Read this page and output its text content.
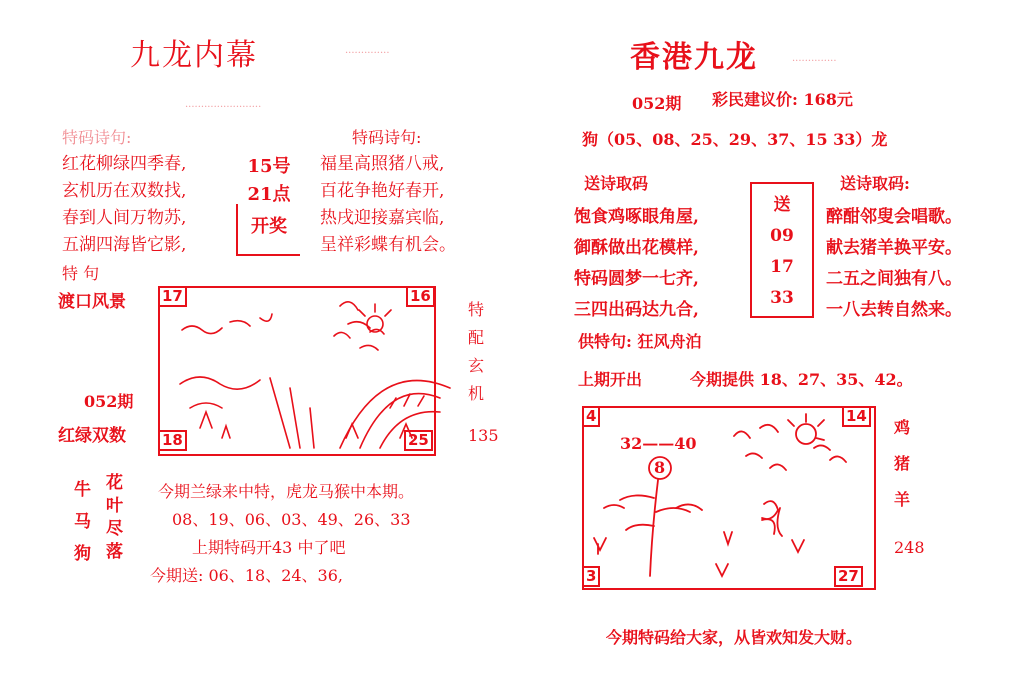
九龙内幕	··············
························
特码诗句:	特码诗句:
红花柳绿四季春,
玄机历在双数找,
春到人间万物苏,
五湖四海皆它影,
15号
21点
开奖
福星高照猪八戒,
百花争艳好春开,
热戌迎接嘉宾临,
呈祥彩蝶有机会。
特 句
渡口风景
052期
红绿双数
17	16
18	25
特
配
玄
机
135
牛
马
狗
花
叶
尽
落
今期兰绿来中特，虎龙马猴中本期。
08、19、06、03、49、26、33
上期特码开43 中了吧
今期送: 06、18、24、36,
香港九龙	··············
052期 彩民建议价: 168元
狗（05、08、25、29、37、15 33）龙
送诗取码	送诗取码:
饱食鸡啄眼角屋,
御酥做出花模样,
特码圆梦一七齐,
三四出码达九合,
送
09
17
33
醉酣邻叟会唱歌。
献去猪羊换平安。
二五之间独有八。
一八去转自然来。
供特句: 狂风舟泊
上期开出	今期提供 18、27、35、42。
4	14
3	27
32——40
8
鸡
猪
羊
248
今期特码给大家，从皆欢知发大财。
